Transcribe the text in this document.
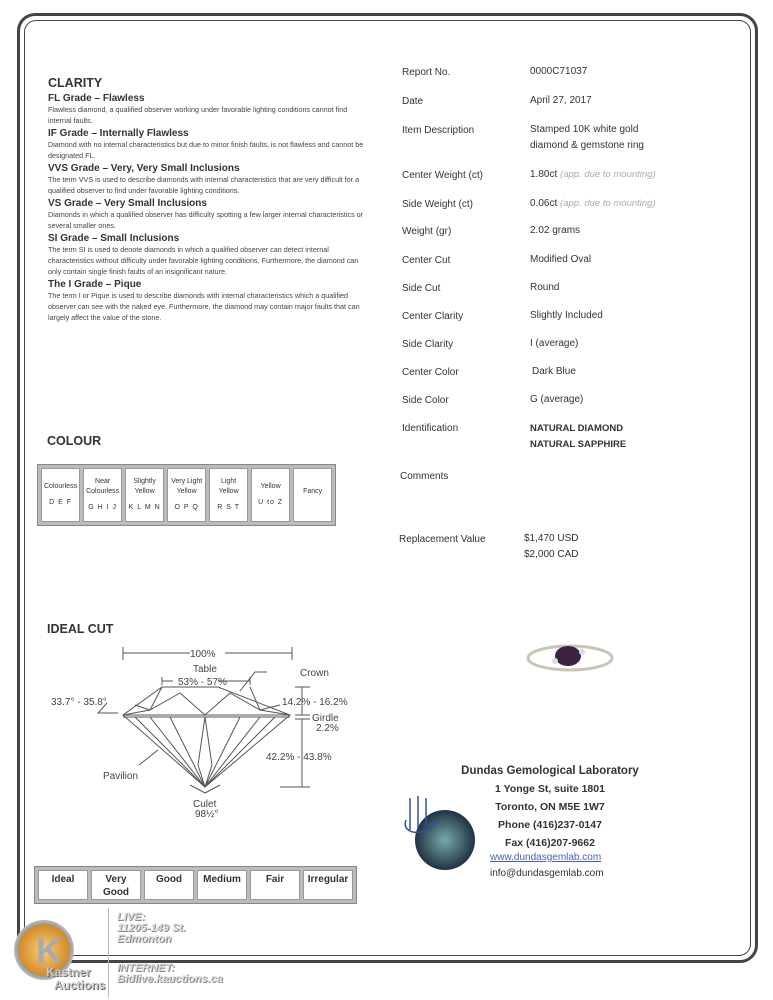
CLARITY
FL Grade – Flawless
Flawless diamond, a qualified observer working under favorable lighting conditions cannot find internal faults.
IF Grade – Internally Flawless
Diamond with no internal characteristics but due to minor finish faults, is not flawless and cannot be designated FL.
VVS Grade – Very, Very Small Inclusions
The term VVS is used to describe diamonds with internal characteristics that are very difficult for a qualified observer to find under favorable lighting conditions.
VS Grade – Very Small Inclusions
Diamonds in which a qualified observer has difficulty spotting a few larger internal characteristics or several smaller ones.
SI Grade – Small Inclusions
The term SI is used to denote diamonds in which a qualified observer can detect internal characteristics without difficulty under favorable lighting conditions. Furthermore, the diamond can only contain single finish faults of an insignificant nature.
The I Grade – Pique
The term I or Pique is used to describe diamonds with internal characteristics which a qualified observer can see with the naked eye. Furthermore, the diamond may contain major faults that can largely affect the value of the stone.
COLOUR
Colourless
D E F

Near Colourless
G H I J

Slightly Yellow
K L M N

Very Light Yellow
O P Q

Light Yellow
R S T

Yellow
U to Z

Fancy
IDEAL CUT
100%
Table
53% - 57%
Crown
33.7° - 35.8°	14.2% - 16.2%
Girdle
2.2%
42.2% - 43.8%
Pavilion
Culet
98½°
Ideal	Very Good	Good	Medium	Fair	Irregular
Report No.	0000C71037
Date	April 27, 2017
Item Description	Stamped 10K white gold
diamond & gemstone ring
Center Weight (ct)	1.80ct (app. due to mounting)
Side Weight (ct)	0.06ct (app. due to mounting)
Weight (gr)	2.02 grams
Center Cut	Modified Oval
Side Cut	Round
Center Clarity	Slightly Included
Side Clarity	I (average)
Center Color	Dark Blue
Side Color	G (average)
Identification	NATURAL DIAMOND
NATURAL SAPPHIRE
Comments
Replacement Value	$1,470 USD
$2,000 CAD
Dundas Gemological Laboratory
1 Yonge St, suite 1801
Toronto, ON M5E 1W7
Phone (416)237-0147
Fax (416)207-9662
www.dundasgemlab.com
info@dundasgemlab.com
K
Kastner
Auctions
LIVE:
11205-149 St.
Edmonton
INTERNET:
Bidlive.kauctions.ca
